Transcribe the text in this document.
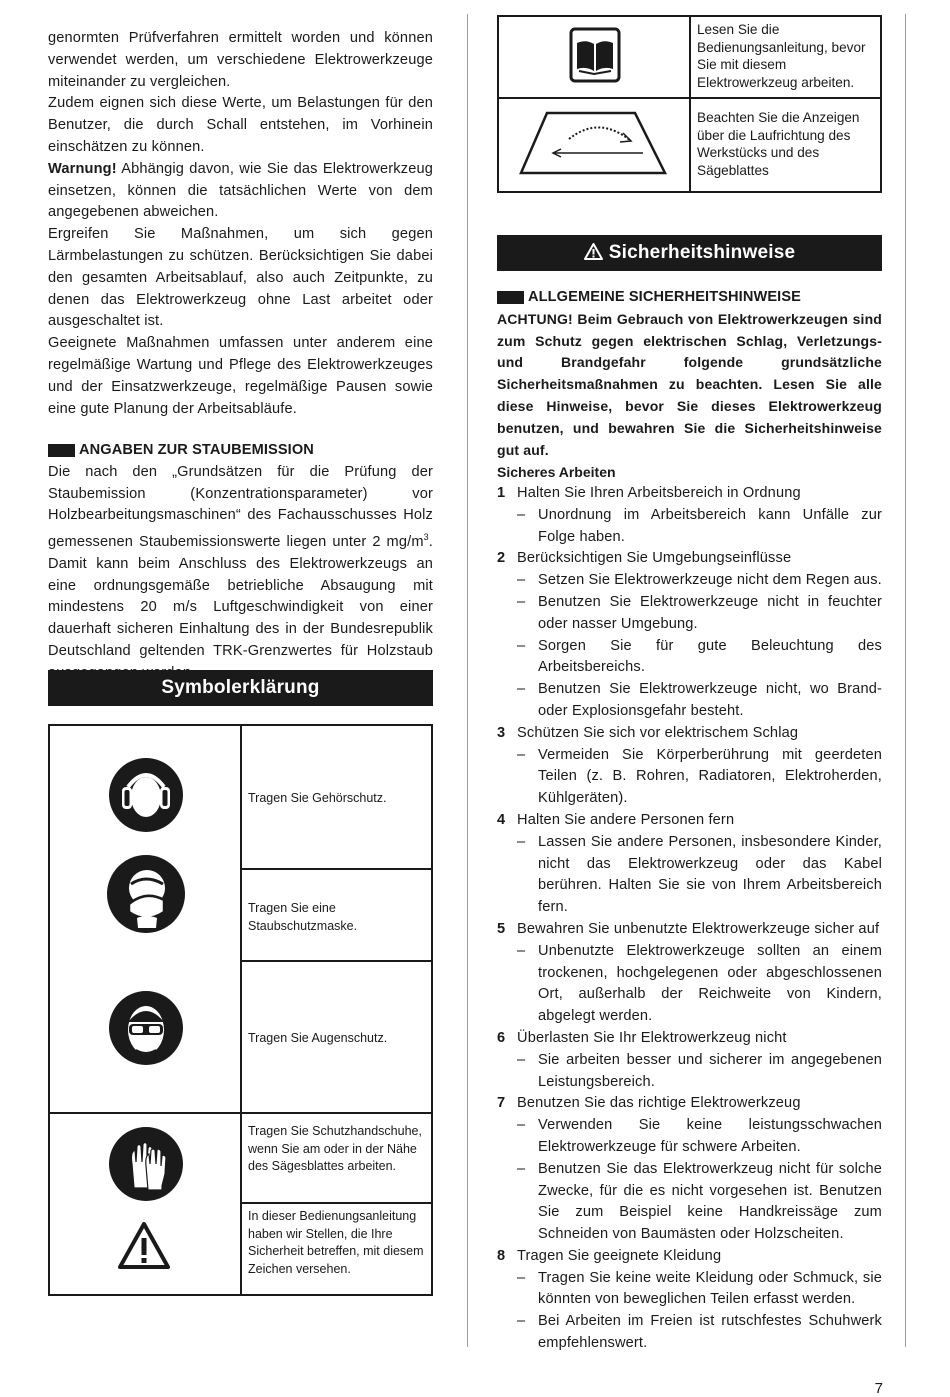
genormten Prüfverfahren ermittelt worden und können verwendet werden, um verschiedene Elektrowerkzeuge miteinander zu vergleichen.

Zudem eignen sich diese Werte, um Belastungen für den Benutzer, die durch Schall entstehen, im Vorhinein einschätzen zu können.

Warnung! Abhängig davon, wie Sie das Elektrowerkzeug einsetzen, können die tatsächlichen Werte von dem angegebenen abweichen.

Ergreifen Sie Maßnahmen, um sich gegen Lärmbelastungen zu schützen. Berücksichtigen Sie dabei den gesamten Arbeitsablauf, also auch Zeitpunkte, zu denen das Elektrowerkzeug ohne Last arbeitet oder ausgeschaltet ist.

Geeignete Maßnahmen umfassen unter anderem eine regelmäßige Wartung und Pflege des Elektrowerkzeuges und der Einsatzwerkzeuge, regelmäßige Pausen sowie eine gute Planung der Arbeitsabläufe.

ANGABEN ZUR STAUBEMISSION

Die nach den „Grundsätzen für die Prüfung der Staubemission (Konzentrationsparameter) vor Holzbearbeitungsmaschinen“ des Fachausschusses Holz gemessenen Staubemissionswerte liegen unter 2 $mg/m^3$. Damit kann beim Anschluss des Elektrowerkzeugs an eine ordnungsgemäße betriebliche Absaugung mit mindestens 20 m/s Luftgeschwindigkeit von einer dauerhaft sicheren Einhaltung des in der Bundesrepublik Deutschland geltenden TRK-Grenzwertes für Holzstaub

Symbolerklärung
Tragen Sie Gehörschutz.
Tragen Sie eine Staubschutzmaske.
Tragen Sie Augenschutz.
Tragen Sie Schutzhandschuhe, wenn Sie am oder in der Nähe des Sägesblattes arbeiten.
In dieser Bedienungsanleitung haben wir Stellen, die Ihre Sicherheit betreffen, mit diesem Zeichen versehen.
Lesen Sie die Bedienungsanleitung, bevor Sie mit diesem Elektrowerkzeug arbeiten.
Beachten Sie die Anzeigen über die Laufrichtung des Werkstücks und des Sägeblattes
Sicherheitshinweise
ALLGEMEINE SICHERHEITSHINWEISE

ACHTUNG! Beim Gebrauch von Elektrowerkzeugen sind zum Schutz gegen elektrischen Schlag, Verletzungs- und Brandgefahr folgende grundsätzliche Sicherheitsmaßnahmen zu beachten. Lesen Sie alle diese Hinweise, bevor Sie dieses Elektrowerkzeug benutzen, und bewahren Sie die Sicherheitshinweise gut auf.

Sicheres Arbeiten
1 Halten Sie Ihren Arbeitsbereich in Ordnung
– Unordnung im Arbeitsbereich kann Unfälle zur Folge haben.
2 Berücksichtigen Sie Umgebungseinflüsse
– Setzen Sie Elektrowerkzeuge nicht dem Regen aus.
– Benutzen Sie Elektrowerkzeuge nicht in feuchter oder nasser Umgebung.
– Sorgen Sie für gute Beleuchtung des Arbeitsbereichs.
– Benutzen Sie Elektrowerkzeuge nicht, wo Brand- oder Explosionsgefahr besteht.
3 Schützen Sie sich vor elektrischem Schlag
– Vermeiden Sie Körperberührung mit geerdeten Teilen (z. B. Rohren, Radiatoren, Elektroherden, Kühlgeräten).
4 Halten Sie andere Personen fern
– Lassen Sie andere Personen, insbesondere Kinder, nicht das Elektrowerkzeug oder das Kabel berühren. Halten Sie sie von Ihrem Arbeitsbereich fern.
5 Bewahren Sie unbenutzte Elektrowerkzeuge sicher auf
– Unbenutzte Elektrowerkzeuge sollten an einem trockenen, hochgelegenen oder abgeschlossenen Ort, außerhalb der Reichweite von Kindern, abgelegt werden.
6 Überlasten Sie Ihr Elektrowerkzeug nicht
– Sie arbeiten besser und sicherer im angegebenen Leistungsbereich.
7 Benutzen Sie das richtige Elektrowerkzeug
– Verwenden Sie keine leistungsschwachen Elektrowerkzeuge für schwere Arbeiten.
– Benutzen Sie das Elektrowerkzeug nicht für solche Zwecke, für die es nicht vorgesehen ist. Benutzen Sie zum Beispiel keine Handkreissäge zum Schneiden von Baumästen oder Holzscheiten.
8 Tragen Sie geeignete Kleidung
– Tragen Sie keine weite Kleidung oder Schmuck, sie könnten von beweglichen Teilen erfasst werden.
– Bei Arbeiten im Freien ist rutschfestes Schuhwerk empfehlenswert.
7
